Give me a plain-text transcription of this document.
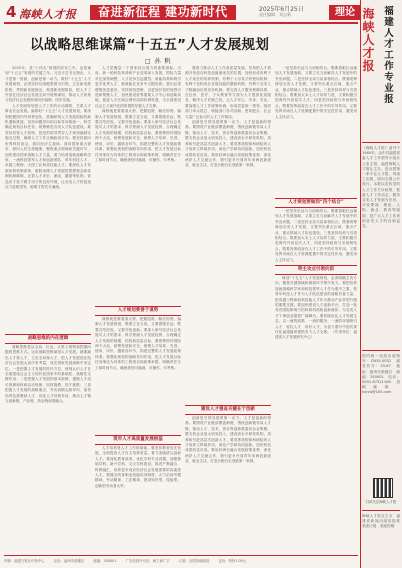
4 海峡人才报	奋进新征程 建功新时代	2025年6月25日
责任编辑：刘志新	理论
以战略思维谋篇“十五五”人才发展规划
□ 孙 帆

2025年，是“十四五”规划的收官之年，也是谋划“十五五”发展的关键之年。习近平总书记指出，人才是第一资源，创新是第一动力。做好“十五五”人才发展规划，必须坚持以战略思维为引领，立足新发展阶段，贯彻新发展理念，构建新发展格局，把人才工作放在经济社会发展全局中统筹谋划，推动人才规划与经济社会发展规划同步编制、同步实施。

人才发展规划是人才工作的行动纲领，关系人才事业长远发展。编制好“十五五”人才发展规划，要深刻把握国内外形势变化，准确研判人才发展面临的新机遇新挑战，坚持问题导向和目标导向相统一，科学确定规划目标任务，统筹推进各类人才队伍建设。要坚持党管人才原则，把党的领导贯穿人才规划编制实施全过程，确保人才工作正确政治方向。要坚持面向世界科技前沿、面向经济主战场、面向国家重大需求、面向人民生命健康，聚焦重点领域和关键环节，加快建设国家战略人才力量，着力培养造就战略科学家、一流科技领军人才和创新团队、青年科技人才、卓越工程师、大国工匠和高技能人才。要深化人才发展体制机制改革，破除束缚人才发展的思想观念和体制机制障碍，完善人才评价、流动、激励等机制，营造识才爱才敬才用才的良好环境，让各类人才的创造活力竞相迸发、聪明才智充分涌流。

战略思维的内在逻辑

战略思维是从全局、长远、大势上观察和把握问题的思维方式。运用战略思维谋划人才发展，就要跳出人才看人才，立足全局谋人才，把人才发展放在经济社会发展大局中来考量，放在国家发展战略中来定位。一是把握人才发展的时代方位，深刻认识人才在全面建设社会主义现代化国家中的基础性、战略性支撑作用；二是把握人才发展的基本规律，遵循人才成长规律和科研活动规律，因材施教、因才施策；三是把握人才发展的战略重点，突出高精尖缺导向，加快培养急需紧缺人才，优化人才结构布局，推动人才链与创新链、产业链、资金链深度融合。

人才是衡量一个国家综合国力的重要指标。当前，新一轮科技革命和产业变革深入发展，国际力量对比深刻调整，人才竞争日趋激烈。谁能培养和吸引更多优秀人才，谁就能在竞争中占据优势。我们必须增强忧患意识，坚持底线思维，以更加开放的视野引进和集聚人才，加快建设世界重要人才中心和创新高地，促进人才区域合理布局和协调发展，为全面建设社会主义现代化国家提供坚强人才支撑。

谋势就是要看清大势、把握趋势、顺应形势。编制人才发展规划，既要立足当前，又要着眼长远；既要总结经验，又要开拓创新。要深入研究经济社会发展对人才的需求，科学预测人才发展趋势，合理确定人才发展的规模、结构和质量目标。要统筹国内国际两个大局，统筹发展和安全，统筹人才培养、引进、使用、评价、激励各环节，构建完整的人才发展政策体系。要强化规划的战略导向作用，把人才发展目标任务细化为具体的工程项目和政策举措，明确责任分工和时间节点，确保规划可落地、可操作、可考核。

人才规划要善于谋势

谋势就是要看清大势、把握趋势、顺应形势。编制人才发展规划，既要立足当前，又要着眼长远；既要总结经验，又要开拓创新。要深入研究经济社会发展对人才的需求，科学预测人才发展趋势，合理确定人才发展的规模、结构和质量目标。要统筹国内国际两个大局，统筹发展和安全，统筹人才培养、引进、使用、评价、激励各环节，构建完整的人才发展政策体系。要强化规划的战略导向作用，把人才发展目标任务细化为具体的工程项目和政策举措，明确责任分工和时间节点，确保规划可落地、可操作、可考核。

筑牢人才高质量发展根基

人才培养是人才工作的基础。要坚持教育优先发展，全面提高人才自主培养质量，着力造就拔尖创新人才。要深化教育改革，优化学科专业设置，加强基础学科、新兴学科、交叉学科建设，推进产教融合、科教融汇，培养更多适应经济社会发展需要的高素质人才。要健全终身职业技能培训制度，大力弘扬劳模精神、劳动精神、工匠精神，建设知识型、技能型、创新型劳动者大军。

要着力推动人才工作高质量发展。坚持把人才资源开发放在科技创新最优先的位置，加快形成有利于人才成长的培养机制、有利于人尽其才的使用机制、有利于竞相成长各展其能的激励机制、有利于各类人才脱颖而出的竞争机制。要完善人才服务保障体系，在住房、医疗、子女教育等方面为人才提供优质服务，解决人才后顾之忧，让人才安心、安身、安业。要加强人才工作统筹协调，形成党委统一领导、组织部门牵头抓总、职能部门各司其职、密切配合、社会力量广泛参与的人才工作格局。

创新是引领发展的第一动力，人才是创新的根基。要围绕产业链部署创新链，围绕创新链布局人才链，推动人才、技术、资本等创新要素向企业集聚。要支持企业加大研发投入，建设高水平研发机构，培养和引进高层次创新人才。要发挥高校和科研院所人才培养主阵地作用，深化产学研协同创新，加快科技成果转化应用。要用好闽台融合发展政策优势，深化两岸人才交流合作，吸引更多台湾青年来闽创新创业、就业生活，打造台胞台企登陆第一家园。

建设人才强省关键在于创新

创新是引领发展的第一动力，人才是创新的根基。要围绕产业链部署创新链，围绕创新链布局人才链，推动人才、技术、资本等创新要素向企业集聚。要支持企业加大研发投入，建设高水平研发机构，培养和引进高层次创新人才。要发挥高校和科研院所人才培养主阵地作用，深化产学研协同创新，加快科技成果转化应用。要用好闽台融合发展政策优势，深化两岸人才交流合作，吸引更多台湾青年来闽创新创业、就业生活，打造台胞台企登陆第一家园。

一是坚持长远与当前相结合。既要着眼长远谋划人才发展战略，又要立足当前解决人才发展中的突出问题。二是坚持全局与局部相结合。既要统筹谋划全省人才发展，又要突出重点区域、重点产业、重点领域人才队伍建设。三是坚持培养与引进相结合。既要加大本土人才培养力度，又要积极引进海内外高层次人才。四是坚持政府与市场相结合。既要发挥政府在人才工作中的引导作用，又要发挥市场在人才资源配置中的决定性作用，激发用人主体活力。

人才规划要做到“四个结合”

一是坚持长远与当前相结合。既要着眼长远谋划人才发展战略，又要立足当前解决人才发展中的突出问题。二是坚持全局与局部相结合。既要统筹谋划全省人才发展，又要突出重点区域、重点产业、重点领域人才队伍建设。三是坚持培养与引进相结合。既要加大本土人才培养力度，又要积极引进海内外高层次人才。四是坚持政府与市场相结合。既要发挥政府在人才工作中的引导作用，又要发挥市场在人才资源配置中的决定性作用，激发用人主体活力。

明主攻点引领向前

谋划“十五五”人才发展规划，必须明确主攻方向，聚焦关键领域和薄弱环节集中发力。要把培养造就战略科学家和科技领军人才作为重中之重，把青年科技人才作为人才队伍建设的战略后备力量，把卓越工程师和高技能人才作为推动产业转型升级的重要支撑。要加快建设人才创新平台，打造一批具有国际影响力的科研机构和创新载体，为各类人才干事创业提供广阔舞台。要持续优化人才发展生态，以一流的政策、一流的服务、一流的环境吸引人才、留住人才、用好人才，为奋力谱写中国式现代化福建篇章提供有力人才支撑。（作者单位：福建省人才发展研究中心）

海峡人才报
福建人才工作专业报
《海峡人才报》创刊于1985年，由中共福建省委人才工作领导小组办公室主管，福建海峡人才报社主办，是全国第一家专业人才报，每周三出版，面向全国公开发行。本报以宣传党的人才工作方针政策、报道人才工作动态、服务各类人才发展为宗旨，开设要闻、理论、人物、就业、教育等版面，是广大人才工作者和各类人才的良师益友。
国内统一连续出版物号：CN35-0032　邮发代号：33-67　地址：福州市鼓楼区　邮编：350001　电话：0591-87521166　投稿邮箱：hxrcb@163.com
扫码关注海峡人才报
海峡人才报社主办　福建省新闻出版局批准　欢迎订阅　欢迎投稿
印刷：福建日报社印务中心	社址：福州市鼓楼区	邮编：350001	广告经营许可证：闽工商广字	订阅：全国各地邮局	定价：每份1.00元
